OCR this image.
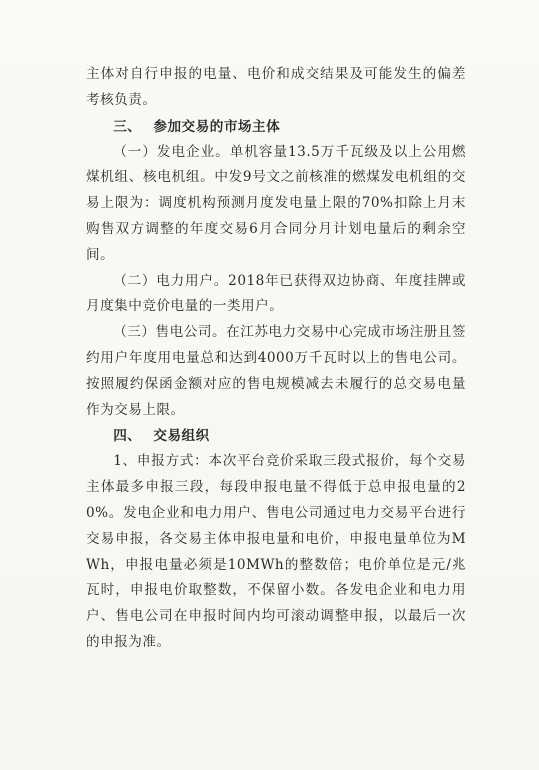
主体对自行申报的电量、电价和成交结果及可能发生的偏差考核负责。

三、 参加交易的市场主体

（一）发电企业。单机容量13.5万千瓦级及以上公用燃煤机组、核电机组。中发9号文之前核准的燃煤发电机组的交易上限为：调度机构预测月度发电量上限的70%扣除上月末购售双方调整的年度交易6月合同分月计划电量后的剩余空间。

（二）电力用户。2018年已获得双边协商、年度挂牌或月度集中竞价电量的一类用户。

（三）售电公司。在江苏电力交易中心完成市场注册且签约用户年度用电量总和达到4000万千瓦时以上的售电公司。按照履约保函金额对应的售电规模减去未履行的总交易电量作为交易上限。

四、 交易组织

1、申报方式：本次平台竞价采取三段式报价，每个交易主体最多申报三段，每段申报电量不得低于总申报电量的20%。发电企业和电力用户、售电公司通过电力交易平台进行交易申报，各交易主体申报电量和电价，申报电量单位为MWh，申报电量必须是10MWh的整数倍；电价单位是元/兆瓦时，申报电价取整数，不保留小数。各发电企业和电力用户、售电公司在申报时间内均可滚动调整申报，以最后一次的申报为准。
